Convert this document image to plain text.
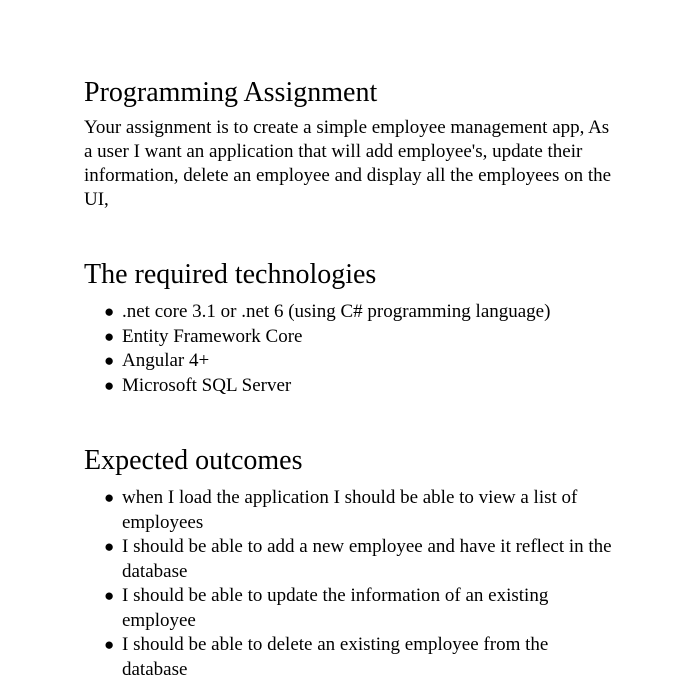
Programming Assignment

Your assignment is to create a simple employee management app, As a user I want an application that will add employee's, update their information, delete an employee and display all the employees on the UI,

The required technologies
● .net core 3.1 or .net 6 (using C# programming language)
● Entity Framework Core
● Angular 4+
● Microsoft SQL Server
Expected outcomes
● when I load the application I should be able to view a list of employees
● I should be able to add a new employee and have it reflect in the database
● I should be able to update the information of an existing employee
● I should be able to delete an existing employee from the database
